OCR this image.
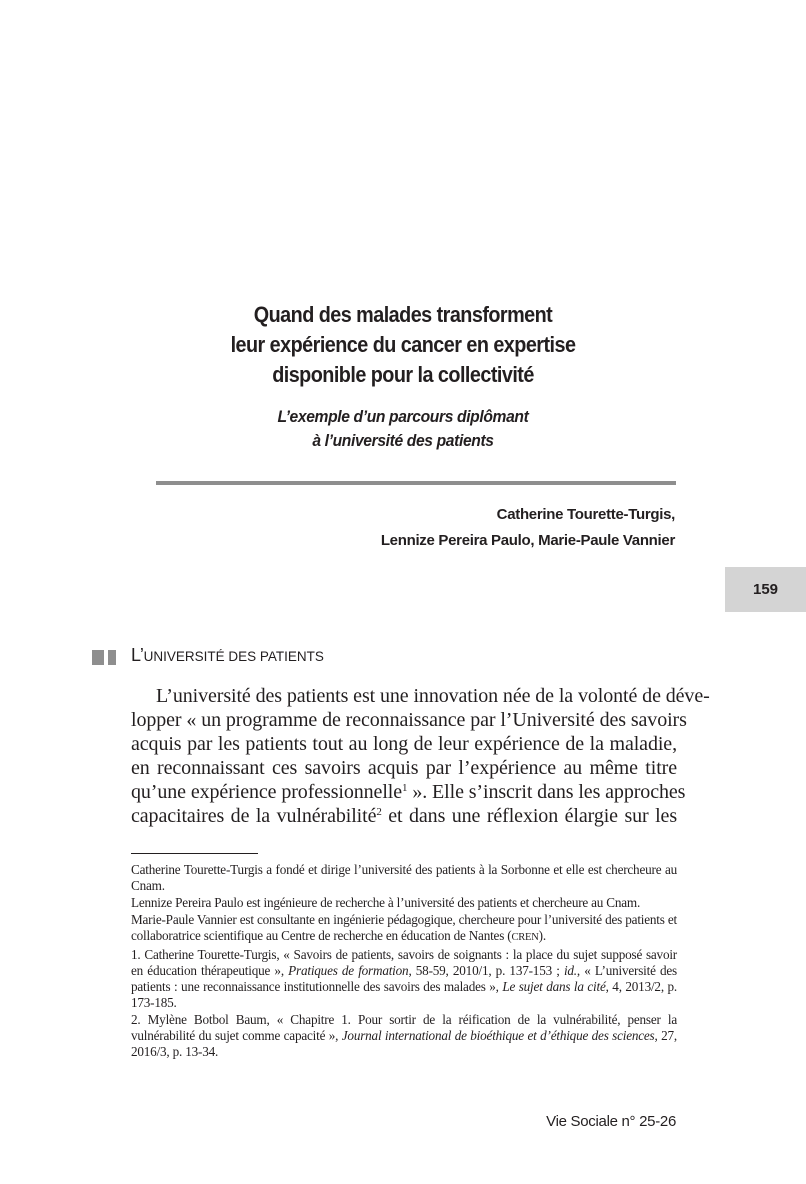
Quand des malades transforment
leur expérience du cancer en expertise
disponible pour la collectivité
L’exemple d’un parcours diplômant
à l’université des patients
Catherine Tourette-Turgis,
Lennize Pereira Paulo, Marie-Paule Vannier
159
L’UNIVERSITÉ DES PATIENTS
L’université des patients est une innovation née de la volonté de déve-
lopper « un programme de reconnaissance par l’Université des savoirs
acquis par les patients tout au long de leur expérience de la maladie,
en reconnaissant ces savoirs acquis par l’expérience au même titre
qu’une expérience professionnelle$^1$ ». Elle s’inscrit dans les approches
capacitaires de la vulnérabilité$^2$ et dans une réflexion élargie sur les

Catherine Tourette-Turgis a fondé et dirige l’université des patients à la Sorbonne et elle est chercheure au Cnam.

Lennize Pereira Paulo est ingénieure de recherche à l’université des patients et chercheure au Cnam.

Marie-Paule Vannier est consultante en ingénierie pédagogique, chercheure pour l’université des patients et collaboratrice scientifique au Centre de recherche en éducation de Nantes (CREN).

1. Catherine Tourette-Turgis, « Savoirs de patients, savoirs de soignants : la place du sujet supposé savoir en éducation thérapeutique », Pratiques de formation, 58-59, 2010/1, p. 137-153 ; id., « L’université des patients : une reconnaissance institutionnelle des savoirs des malades », Le sujet dans la cité, 4, 2013/2, p. 173-185.

2. Mylène Botbol Baum, « Chapitre 1. Pour sortir de la réification de la vulnérabilité, penser la vulnérabilité du sujet comme capacité », Journal international de bioéthique et d’éthique des sciences, 27, 2016/3, p. 13-34.

Vie Sociale n° 25-26
